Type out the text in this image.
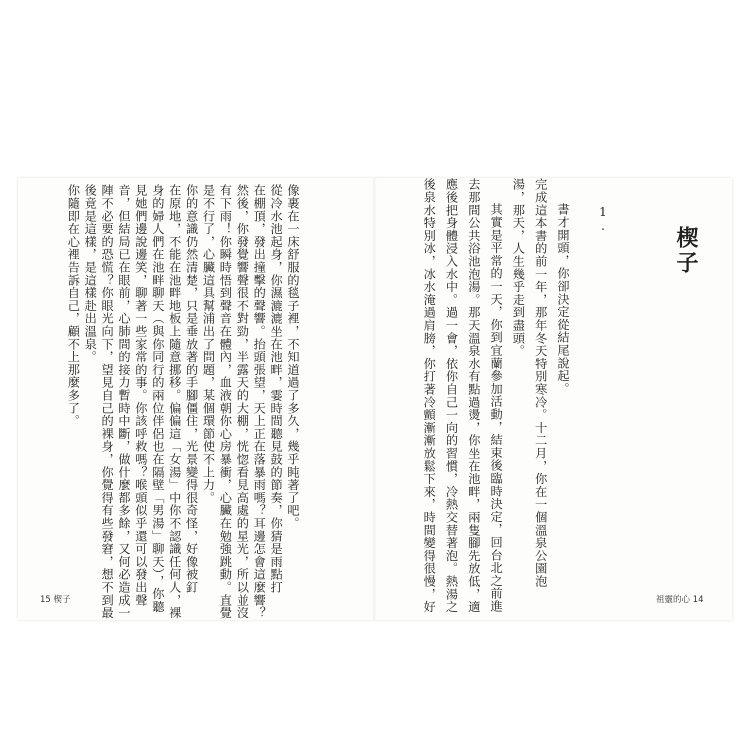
楔子
1.
書才開頭，你卻決定從結尾說起。
完成這本書的前一年，那年冬天特別寒冷。十二月，你在一個溫泉公園泡
湯，那天，人生幾乎走到盡頭。
其實是平常的一天，你到宜蘭參加活動，結束後臨時決定，回台北之前進
去那間公共浴池泡湯。那天溫泉水有點過燙，你坐在池畔，兩隻腳先放低，適
應後把身體浸入水中。過一會，依你自己一向的習慣，冷熱交替著泡。熱湯之
後泉水特別冰，冰水淹過肩膀，你打著冷顫漸漸放鬆下來，時間變得很慢，好
像裹在一床舒服的毯子裡，不知道過了多久，幾乎盹著了吧。
從冷水池起身，你濕漉漉坐在池畔，霎時間聽見鼓的節奏，你猜是雨點打
在棚頂，發出撞擊的聲響。抬頭張望，天上正在落暴雨嗎？耳邊怎會這麼響？
然後，你發覺響聲很不對勁，半露天的大棚，恍惚看見高處的星光，所以並沒
有下雨！你瞬時悟到聲音在體內，血液朝你心房暴衝，心臟在勉強跳動。直覺
是不行了，心臟這具幫浦出了問題，某個環節使不上力。
你的意識仍然清楚，只是垂放著的手腳僵住，光景變得很奇怪，好像被釘
在原地，不能在池畔地板上隨意挪移。偏偏這「女湯」中你不認識任何人，裸
身的婦人們在池畔聊天（與你同行的兩位伴侶也在隔壁「男湯」聊天），你聽
見她們邊說邊笑，聊著一些家常的事。你該呼救嗎？喉頭似乎還可以發出聲
音，但結局已在眼前，心肺間的接力暫時中斷，做什麼都多餘，又何必造成一
陣不必要的恐慌？你眼光向下，望見自己的裸身，你覺得有些發窘，想不到最
後竟是這樣，是這樣赴出溫泉。
你隨即在心裡告訴自己，顧不上那麼多了。
祖靈的心 14
15 楔子
